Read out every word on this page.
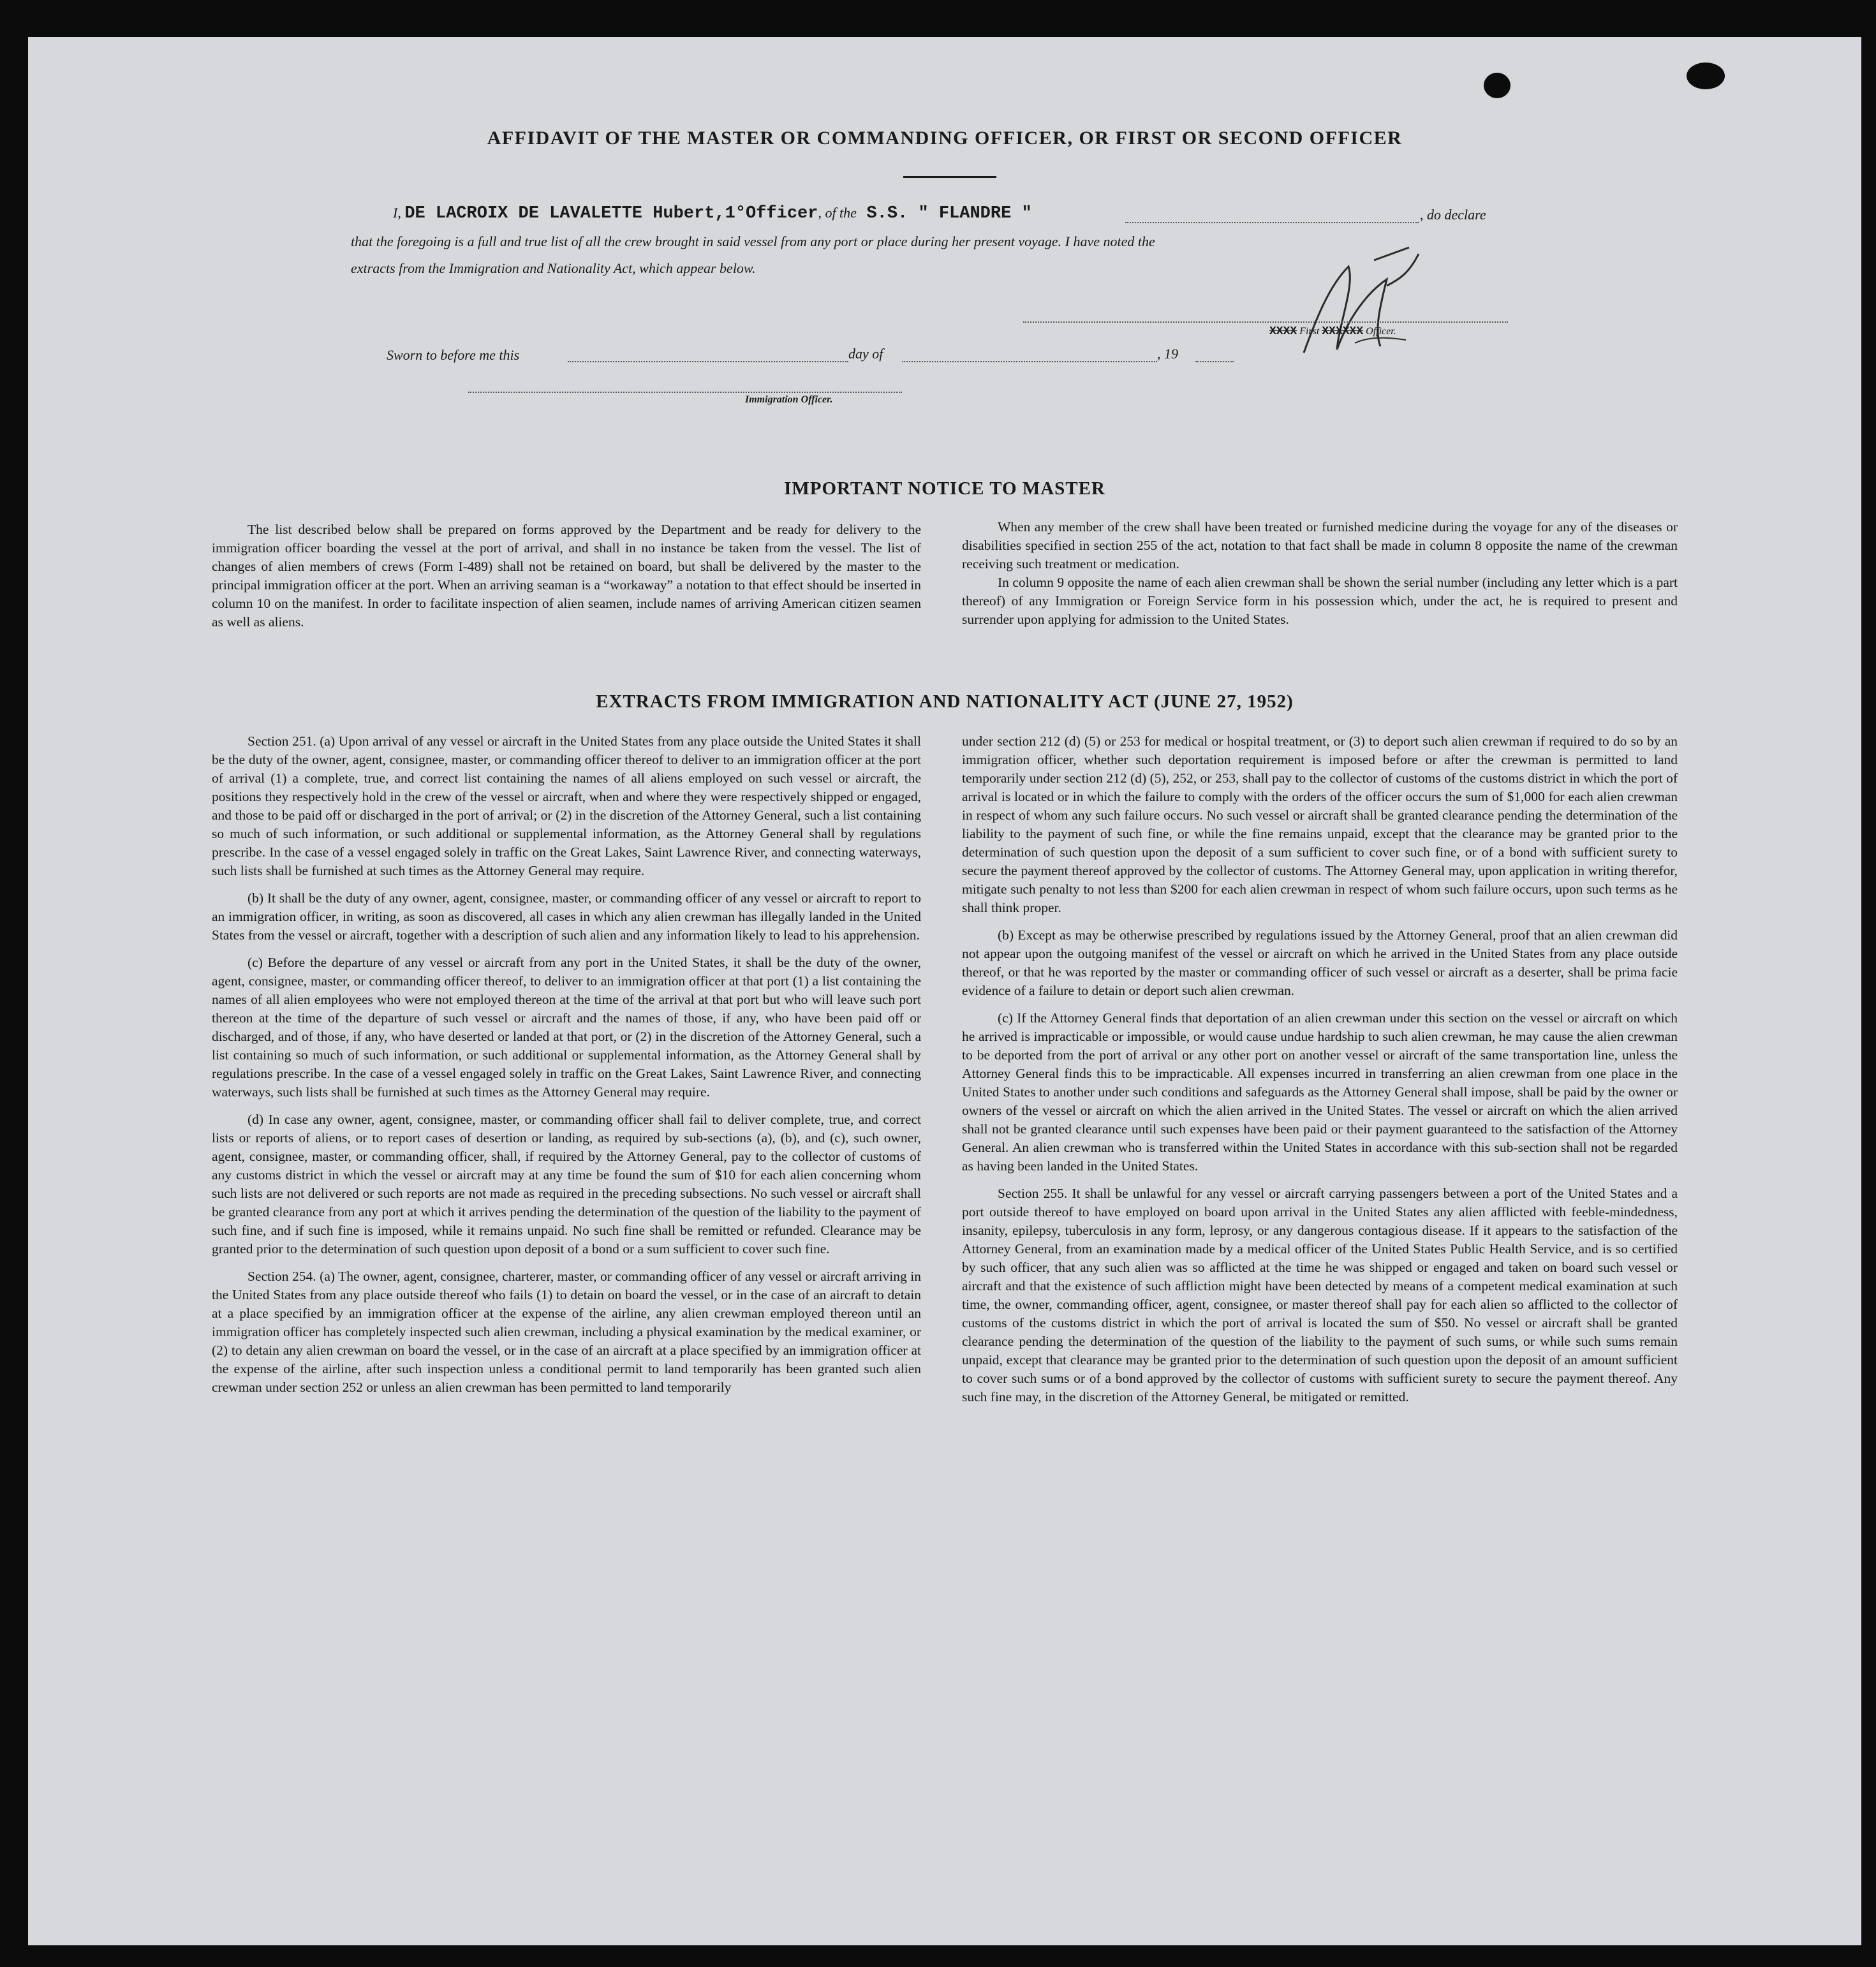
AFFIDAVIT OF THE MASTER OR COMMANDING OFFICER, OR FIRST OR SECOND OFFICER
I, DE LACROIX DE LAVALETTE Hubert,1°Officer, of the S.S. " FLANDRE "	, do declare
that the foregoing is a full and true list of all the crew brought in said vessel from any port or place during her present voyage. I have noted the
extracts from the Immigration and Nationality Act, which appear below.
XXXX First XXXXXX Officer.
Sworn to before me this	day of	, 19
Immigration Officer.
IMPORTANT NOTICE TO MASTER

The list described below shall be prepared on forms approved by the Department and be ready for delivery to the immigration officer boarding the vessel at the port of arrival, and shall in no instance be taken from the vessel. The list of changes of alien members of crews (Form I-489) shall not be retained on board, but shall be delivered by the master to the principal immigration officer at the port. When an arriving seaman is a “workaway” a notation to that effect should be inserted in column 10 on the manifest. In order to facilitate inspection of alien seamen, include names of arriving American citizen seamen as well as aliens.

When any member of the crew shall have been treated or furnished medicine during the voyage for any of the diseases or disabilities specified in section 255 of the act, notation to that fact shall be made in column 8 opposite the name of the crewman receiving such treatment or medication.

In column 9 opposite the name of each alien crewman shall be shown the serial number (including any letter which is a part thereof) of any Immigration or Foreign Service form in his possession which, under the act, he is required to present and surrender upon applying for admission to the United States.

EXTRACTS FROM IMMIGRATION AND NATIONALITY ACT (JUNE 27, 1952)

Section 251. (a) Upon arrival of any vessel or aircraft in the United States from any place outside the United States it shall be the duty of the owner, agent, consignee, master, or commanding officer thereof to deliver to an immigration officer at the port of arrival (1) a complete, true, and correct list containing the names of all aliens employed on such vessel or aircraft, the positions they respectively hold in the crew of the vessel or aircraft, when and where they were respectively shipped or engaged, and those to be paid off or discharged in the port of arrival; or (2) in the discretion of the Attorney General, such a list containing so much of such information, or such additional or supplemental information, as the Attorney General shall by regulations prescribe. In the case of a vessel engaged solely in traffic on the Great Lakes, Saint Lawrence River, and connecting waterways, such lists shall be furnished at such times as the Attorney General may require.

(b) It shall be the duty of any owner, agent, consignee, master, or commanding officer of any vessel or aircraft to report to an immigration officer, in writing, as soon as discovered, all cases in which any alien crewman has illegally landed in the United States from the vessel or aircraft, together with a description of such alien and any information likely to lead to his apprehension.

(c) Before the departure of any vessel or aircraft from any port in the United States, it shall be the duty of the owner, agent, consignee, master, or commanding officer thereof, to deliver to an immigration officer at that port (1) a list containing the names of all alien employees who were not employed thereon at the time of the arrival at that port but who will leave such port thereon at the time of the departure of such vessel or aircraft and the names of those, if any, who have been paid off or discharged, and of those, if any, who have deserted or landed at that port, or (2) in the discretion of the Attorney General, such a list containing so much of such information, or such additional or supplemental information, as the Attorney General shall by regulations prescribe. In the case of a vessel engaged solely in traffic on the Great Lakes, Saint Lawrence River, and connecting waterways, such lists shall be furnished at such times as the Attorney General may require.

(d) In case any owner, agent, consignee, master, or commanding officer shall fail to deliver complete, true, and correct lists or reports of aliens, or to report cases of desertion or landing, as required by sub-sections (a), (b), and (c), such owner, agent, consignee, master, or commanding officer, shall, if required by the Attorney General, pay to the collector of customs of any customs district in which the vessel or aircraft may at any time be found the sum of $10 for each alien concerning whom such lists are not delivered or such reports are not made as required in the preceding subsections. No such vessel or aircraft shall be granted clearance from any port at which it arrives pending the determination of the question of the liability to the payment of such fine, and if such fine is imposed, while it remains unpaid. No such fine shall be remitted or refunded. Clearance may be granted prior to the determination of such question upon deposit of a bond or a sum sufficient to cover such fine.

Section 254. (a) The owner, agent, consignee, charterer, master, or commanding officer of any vessel or aircraft arriving in the United States from any place outside thereof who fails (1) to detain on board the vessel, or in the case of an aircraft to detain at a place specified by an immigration officer at the expense of the airline, any alien crewman employed thereon until an immigration officer has completely inspected such alien crewman, including a physical examination by the medical examiner, or (2) to detain any alien crewman on board the vessel, or in the case of an aircraft at a place specified by an immigration officer at the expense of the airline, after such inspection unless a conditional permit to land temporarily has been granted such alien crewman under section 252 or unless an alien crewman has been permitted to land temporarily

under section 212 (d) (5) or 253 for medical or hospital treatment, or (3) to deport such alien crewman if required to do so by an immigration officer, whether such deportation requirement is imposed before or after the crewman is permitted to land temporarily under section 212 (d) (5), 252, or 253, shall pay to the collector of customs of the customs district in which the port of arrival is located or in which the failure to comply with the orders of the officer occurs the sum of $1,000 for each alien crewman in respect of whom any such failure occurs. No such vessel or aircraft shall be granted clearance pending the determination of the liability to the payment of such fine, or while the fine remains unpaid, except that the clearance may be granted prior to the determination of such question upon the deposit of a sum sufficient to cover such fine, or of a bond with sufficient surety to secure the payment thereof approved by the collector of customs. The Attorney General may, upon application in writing therefor, mitigate such penalty to not less than $200 for each alien crewman in respect of whom such failure occurs, upon such terms as he shall think proper.

(b) Except as may be otherwise prescribed by regulations issued by the Attorney General, proof that an alien crewman did not appear upon the outgoing manifest of the vessel or aircraft on which he arrived in the United States from any place outside thereof, or that he was reported by the master or commanding officer of such vessel or aircraft as a deserter, shall be prima facie evidence of a failure to detain or deport such alien crewman.

(c) If the Attorney General finds that deportation of an alien crewman under this section on the vessel or aircraft on which he arrived is impracticable or impossible, or would cause undue hardship to such alien crewman, he may cause the alien crewman to be deported from the port of arrival or any other port on another vessel or aircraft of the same transportation line, unless the Attorney General finds this to be impracticable. All expenses incurred in transferring an alien crewman from one place in the United States to another under such conditions and safeguards as the Attorney General shall impose, shall be paid by the owner or owners of the vessel or aircraft on which the alien arrived in the United States. The vessel or aircraft on which the alien arrived shall not be granted clearance until such expenses have been paid or their payment guaranteed to the satisfaction of the Attorney General. An alien crewman who is transferred within the United States in accordance with this sub-section shall not be regarded as having been landed in the United States.

Section 255. It shall be unlawful for any vessel or aircraft carrying passengers between a port of the United States and a port outside thereof to have employed on board upon arrival in the United States any alien afflicted with feeble-mindedness, insanity, epilepsy, tuberculosis in any form, leprosy, or any dangerous contagious disease. If it appears to the satisfaction of the Attorney General, from an examination made by a medical officer of the United States Public Health Service, and is so certified by such officer, that any such alien was so afflicted at the time he was shipped or engaged and taken on board such vessel or aircraft and that the existence of such affliction might have been detected by means of a competent medical examination at such time, the owner, commanding officer, agent, consignee, or master thereof shall pay for each alien so afflicted to the collector of customs of the customs district in which the port of arrival is located the sum of $50. No vessel or aircraft shall be granted clearance pending the determination of the question of the liability to the payment of such sums, or while such sums remain unpaid, except that clearance may be granted prior to the determination of such question upon the deposit of an amount sufficient to cover such sums or of a bond approved by the collector of customs with sufficient surety to secure the payment thereof. Any such fine may, in the discretion of the Attorney General, be mitigated or remitted.
